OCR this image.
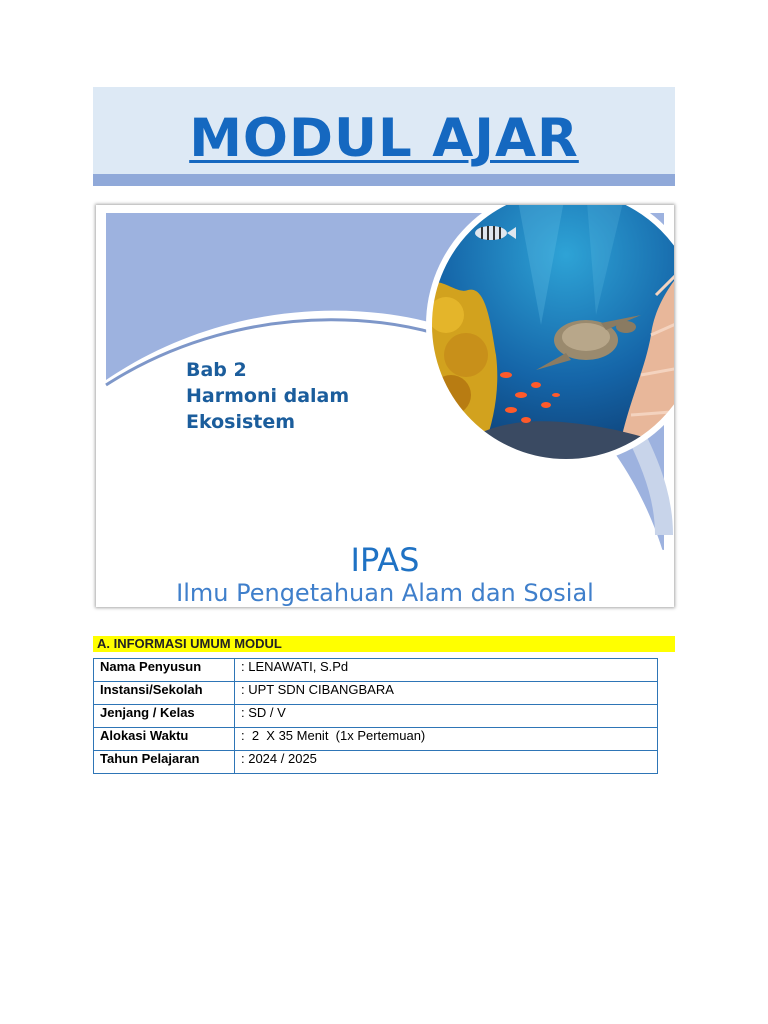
MODUL AJAR
Bab 2
Harmoni dalam
Ekosistem
IPAS
Ilmu Pengetahuan Alam dan Sosial
A. INFORMASI UMUM MODUL
Nama Penyusun	: LENAWATI, S.Pd
Instansi/Sekolah	: UPT SDN CIBANGBARA
Jenjang / Kelas	: SD / V
Alokasi Waktu	:  2  X 35 Menit  (1x Pertemuan)
Tahun Pelajaran	: 2024 / 2025
